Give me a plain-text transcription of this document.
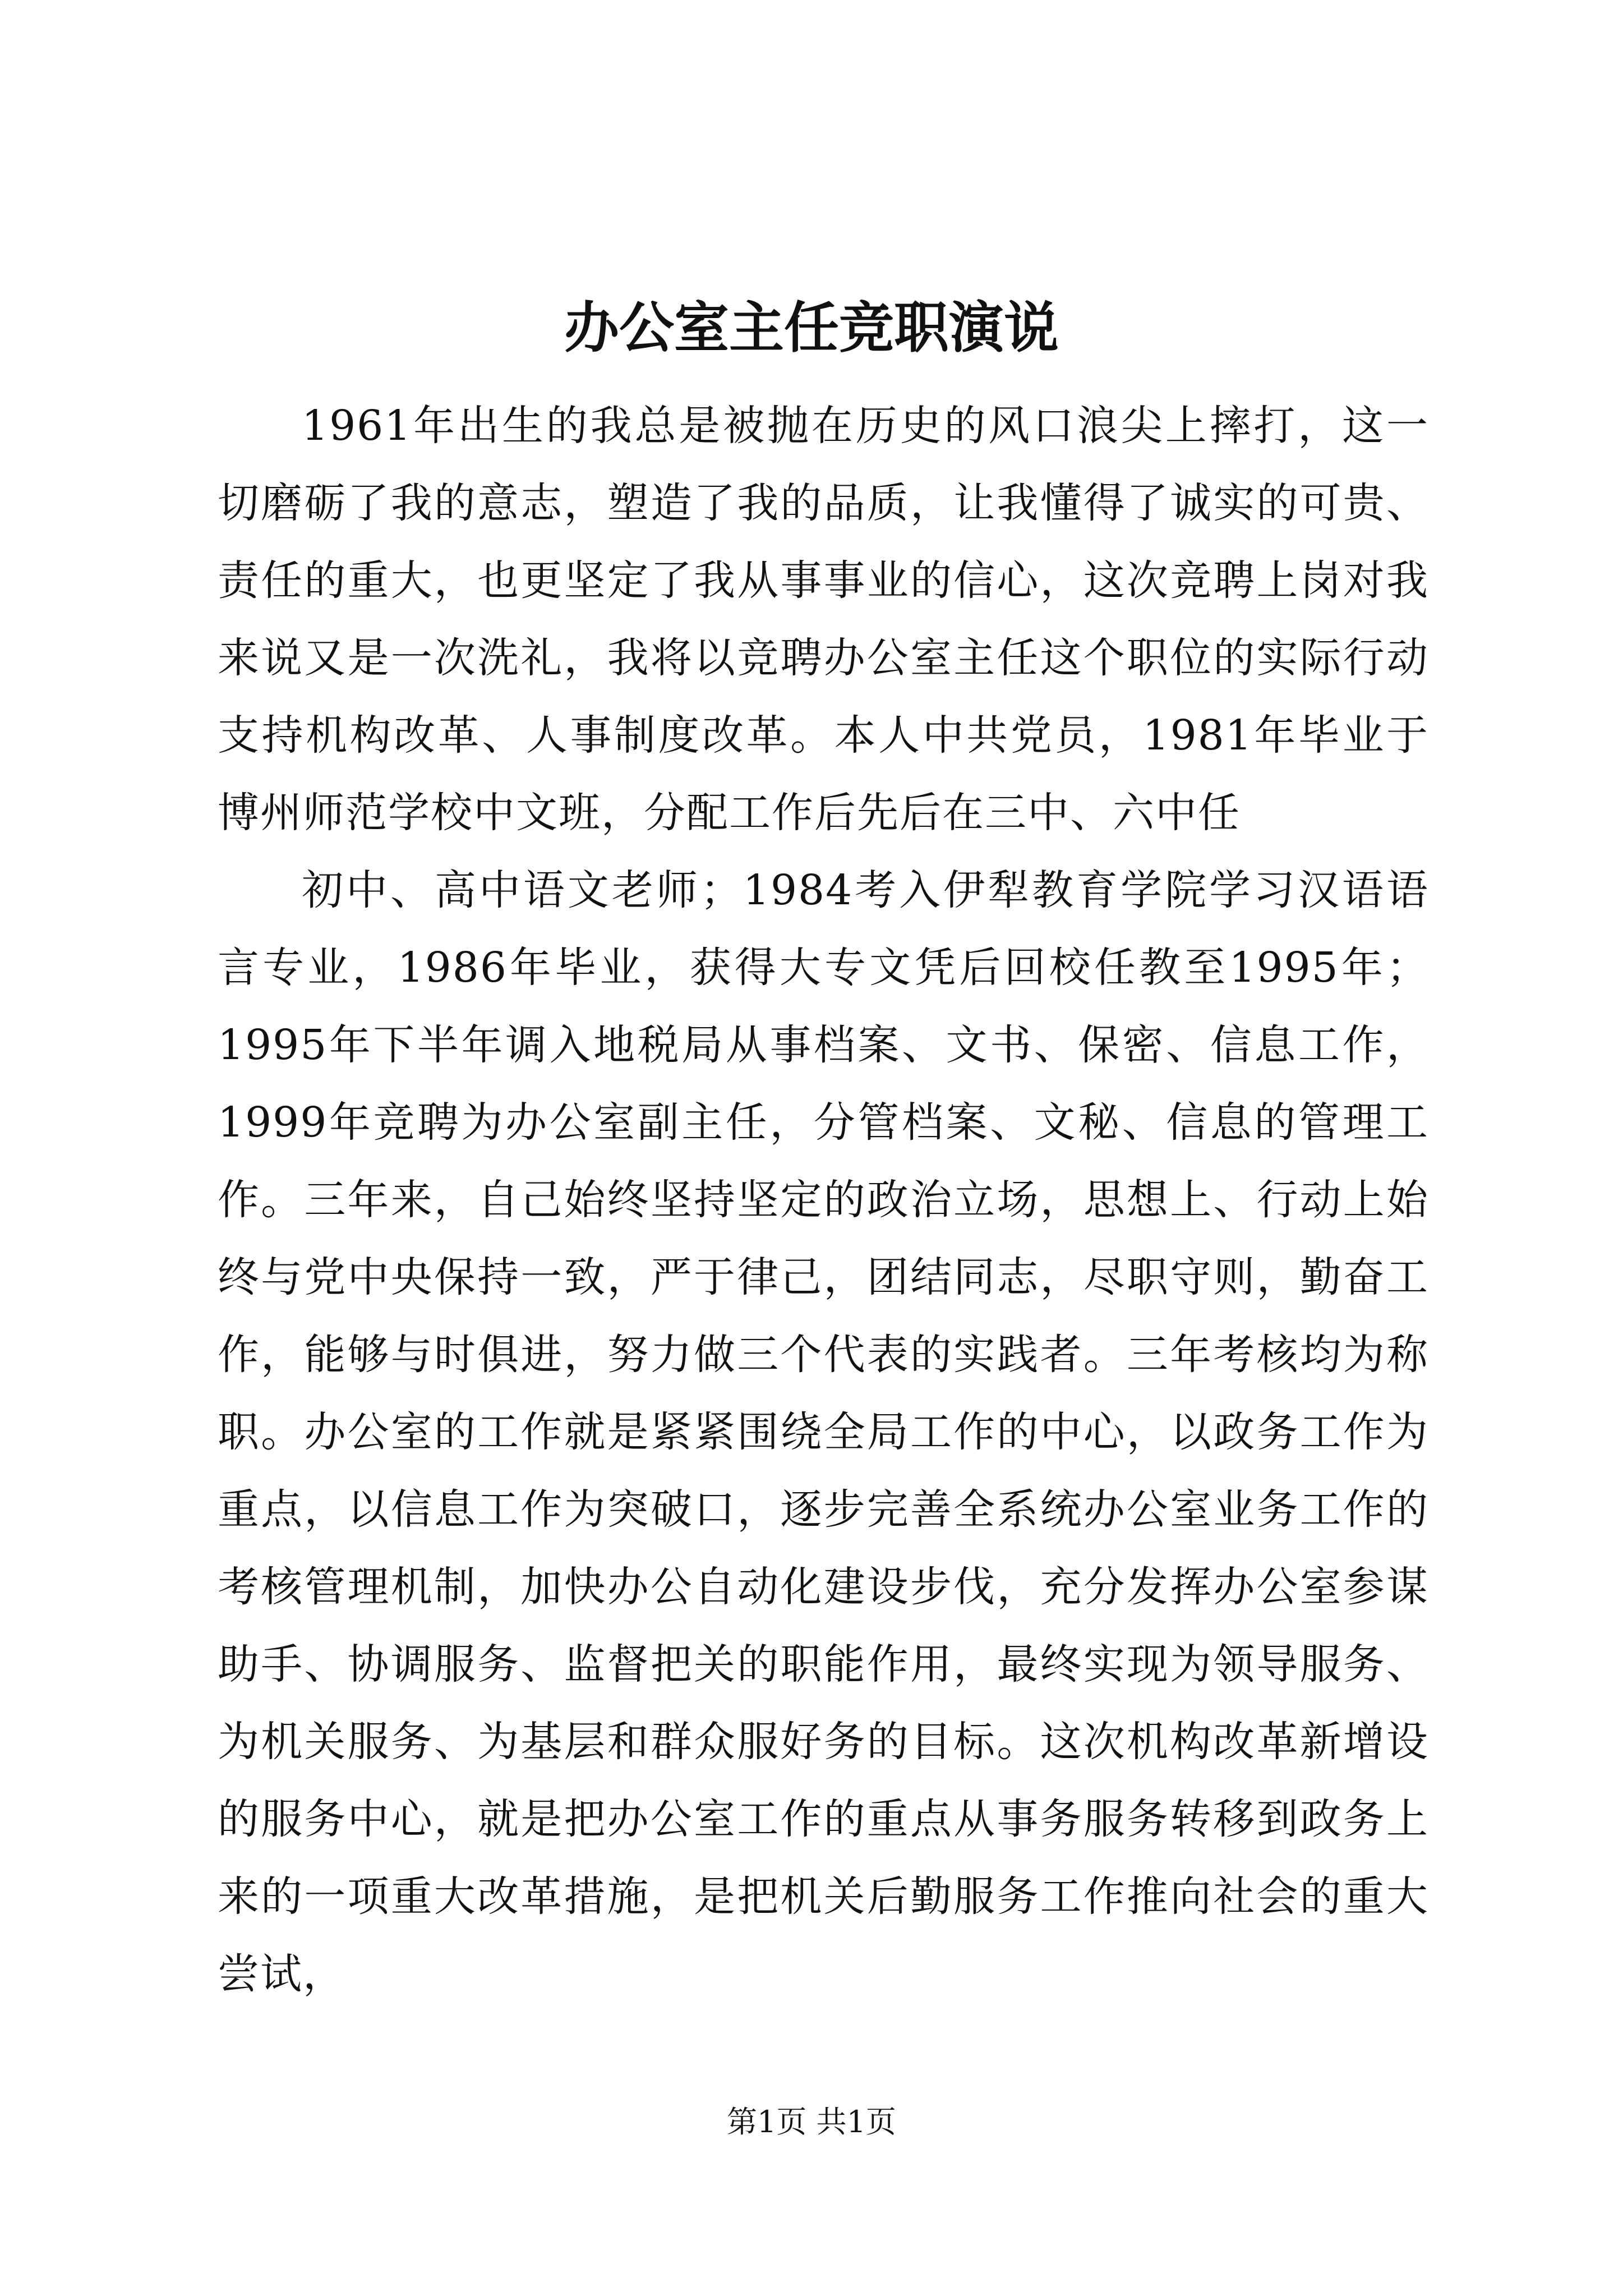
办公室主任竞职演说

1961年出生的我总是被抛在历史的风口浪尖上摔打，这一切磨砺了我的意志，塑造了我的品质，让我懂得了诚实的可贵、责任的重大，也更坚定了我从事事业的信心，这次竞聘上岗对我来说又是一次洗礼，我将以竞聘办公室主任这个职位的实际行动支持机构改革、人事制度改革。本人中共党员，1981年毕业于博州师范学校中文班，分配工作后先后在三中、六中任

初中、高中语文老师；1984考入伊犁教育学院学习汉语语言专业，1986年毕业，获得大专文凭后回校任教至1995年；1995年下半年调入地税局从事档案、文书、保密、信息工作，1999年竞聘为办公室副主任，分管档案、文秘、信息的管理工作。三年来，自己始终坚持坚定的政治立场，思想上、行动上始终与党中央保持一致，严于律己，团结同志，尽职守则，勤奋工作，能够与时俱进，努力做三个代表的实践者。三年考核均为称职。办公室的工作就是紧紧围绕全局工作的中心，以政务工作为重点，以信息工作为突破口，逐步完善全系统办公室业务工作的考核管理机制，加快办公自动化建设步伐，充分发挥办公室参谋助手、协调服务、监督把关的职能作用，最终实现为领导服务、为机关服务、为基层和群众服好务的目标。这次机构改革新增设的服务中心，就是把办公室工作的重点从事务服务转移到政务上来的一项重大改革措施，是把机关后勤服务工作推向社会的重大尝试，

第1页 共1页
